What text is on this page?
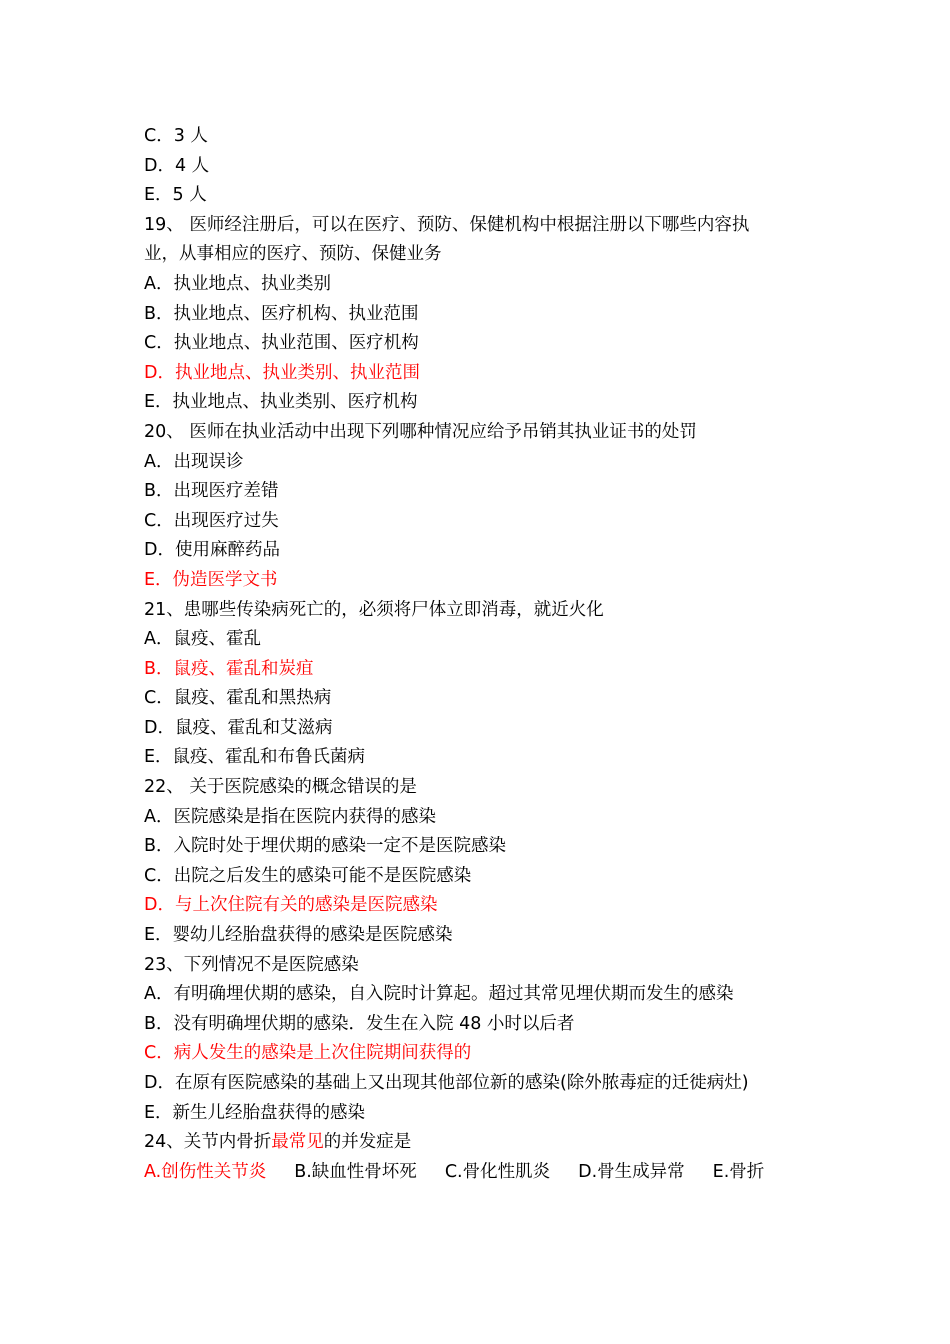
C．3 人
D．4 人
E．5 人
19、 医师经注册后，可以在医疗、预防、保健机构中根据注册以下哪些内容执
业，从事相应的医疗、预防、保健业务
A．执业地点、执业类别
B．执业地点、医疗机构、执业范围
C．执业地点、执业范围、医疗机构
D．执业地点、执业类别、执业范围
E．执业地点、执业类别、医疗机构
20、 医师在执业活动中出现下列哪种情况应给予吊销其执业证书的处罚
A．出现误诊
B．出现医疗差错
C．出现医疗过失
D．使用麻醉药品
E．伪造医学文书
21、患哪些传染病死亡的，必须将尸体立即消毒，就近火化
A．鼠疫、霍乱
B．鼠疫、霍乱和炭疽
C．鼠疫、霍乱和黑热病
D．鼠疫、霍乱和艾滋病
E．鼠疫、霍乱和布鲁氏菌病
22、 关于医院感染的概念错误的是
A．医院感染是指在医院内获得的感染
B．入院时处于埋伏期的感染一定不是医院感染
C．出院之后发生的感染可能不是医院感染
D．与上次住院有关的感染是医院感染
E．婴幼儿经胎盘获得的感染是医院感染
23、下列情况不是医院感染
A．有明确埋伏期的感染，自入院时计算起。超过其常见埋伏期而发生的感染
B．没有明确埋伏期的感染．发生在入院 48 小时以后者
C．病人发生的感染是上次住院期间获得的
D．在原有医院感染的基础上又出现其他部位新的感染(除外脓毒症的迁徙病灶)
E．新生儿经胎盘获得的感染
24、关节内骨折最常见的并发症是
A.创伤性关节炎 B.缺血性骨坏死 C.骨化性肌炎 D.骨生成异常 E.骨折
